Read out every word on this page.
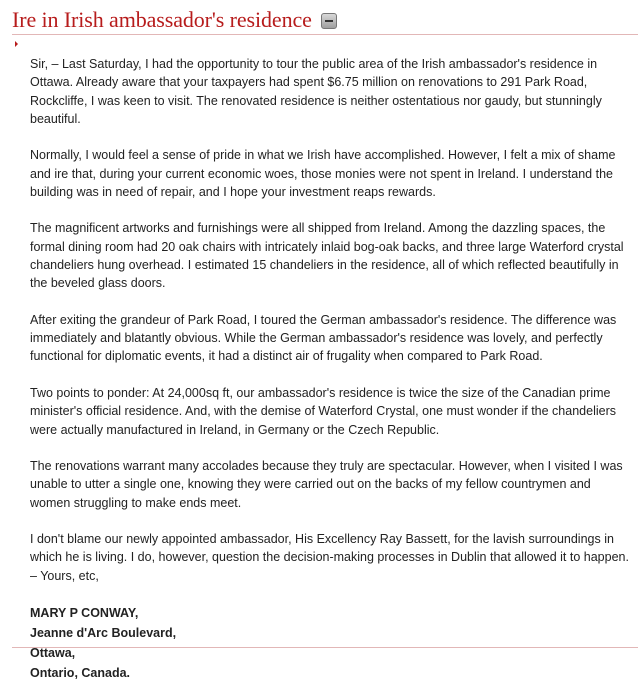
Ire in Irish ambassador's residence

Sir, – Last Saturday, I had the opportunity to tour the public area of the Irish ambassador's residence in Ottawa. Already aware that your taxpayers had spent $6.75 million on renovations to 291 Park Road, Rockcliffe, I was keen to visit. The renovated residence is neither ostentatious nor gaudy, but stunningly beautiful.

Normally, I would feel a sense of pride in what we Irish have accomplished. However, I felt a mix of shame and ire that, during your current economic woes, those monies were not spent in Ireland. I understand the building was in need of repair, and I hope your investment reaps rewards.

The magnificent artworks and furnishings were all shipped from Ireland. Among the dazzling spaces, the formal dining room had 20 oak chairs with intricately inlaid bog-oak backs, and three large Waterford crystal chandeliers hung overhead. I estimated 15 chandeliers in the residence, all of which reflected beautifully in the beveled glass doors.

After exiting the grandeur of Park Road, I toured the German ambassador's residence. The difference was immediately and blatantly obvious. While the German ambassador's residence was lovely, and perfectly functional for diplomatic events, it had a distinct air of frugality when compared to Park Road.

Two points to ponder: At 24,000sq ft, our ambassador's residence is twice the size of the Canadian prime minister's official residence. And, with the demise of Waterford Crystal, one must wonder if the chandeliers were actually manufactured in Ireland, in Germany or the Czech Republic.

The renovations warrant many accolades because they truly are spectacular. However, when I visited I was unable to utter a single one, knowing they were carried out on the backs of my fellow countrymen and women struggling to make ends meet.

I don't blame our newly appointed ambassador, His Excellency Ray Bassett, for the lavish surroundings in which he is living. I do, however, question the decision-making processes in Dublin that allowed it to happen. – Yours, etc,

MARY P CONWAY,
Jeanne d'Arc Boulevard,
Ottawa,
Ontario, Canada.
